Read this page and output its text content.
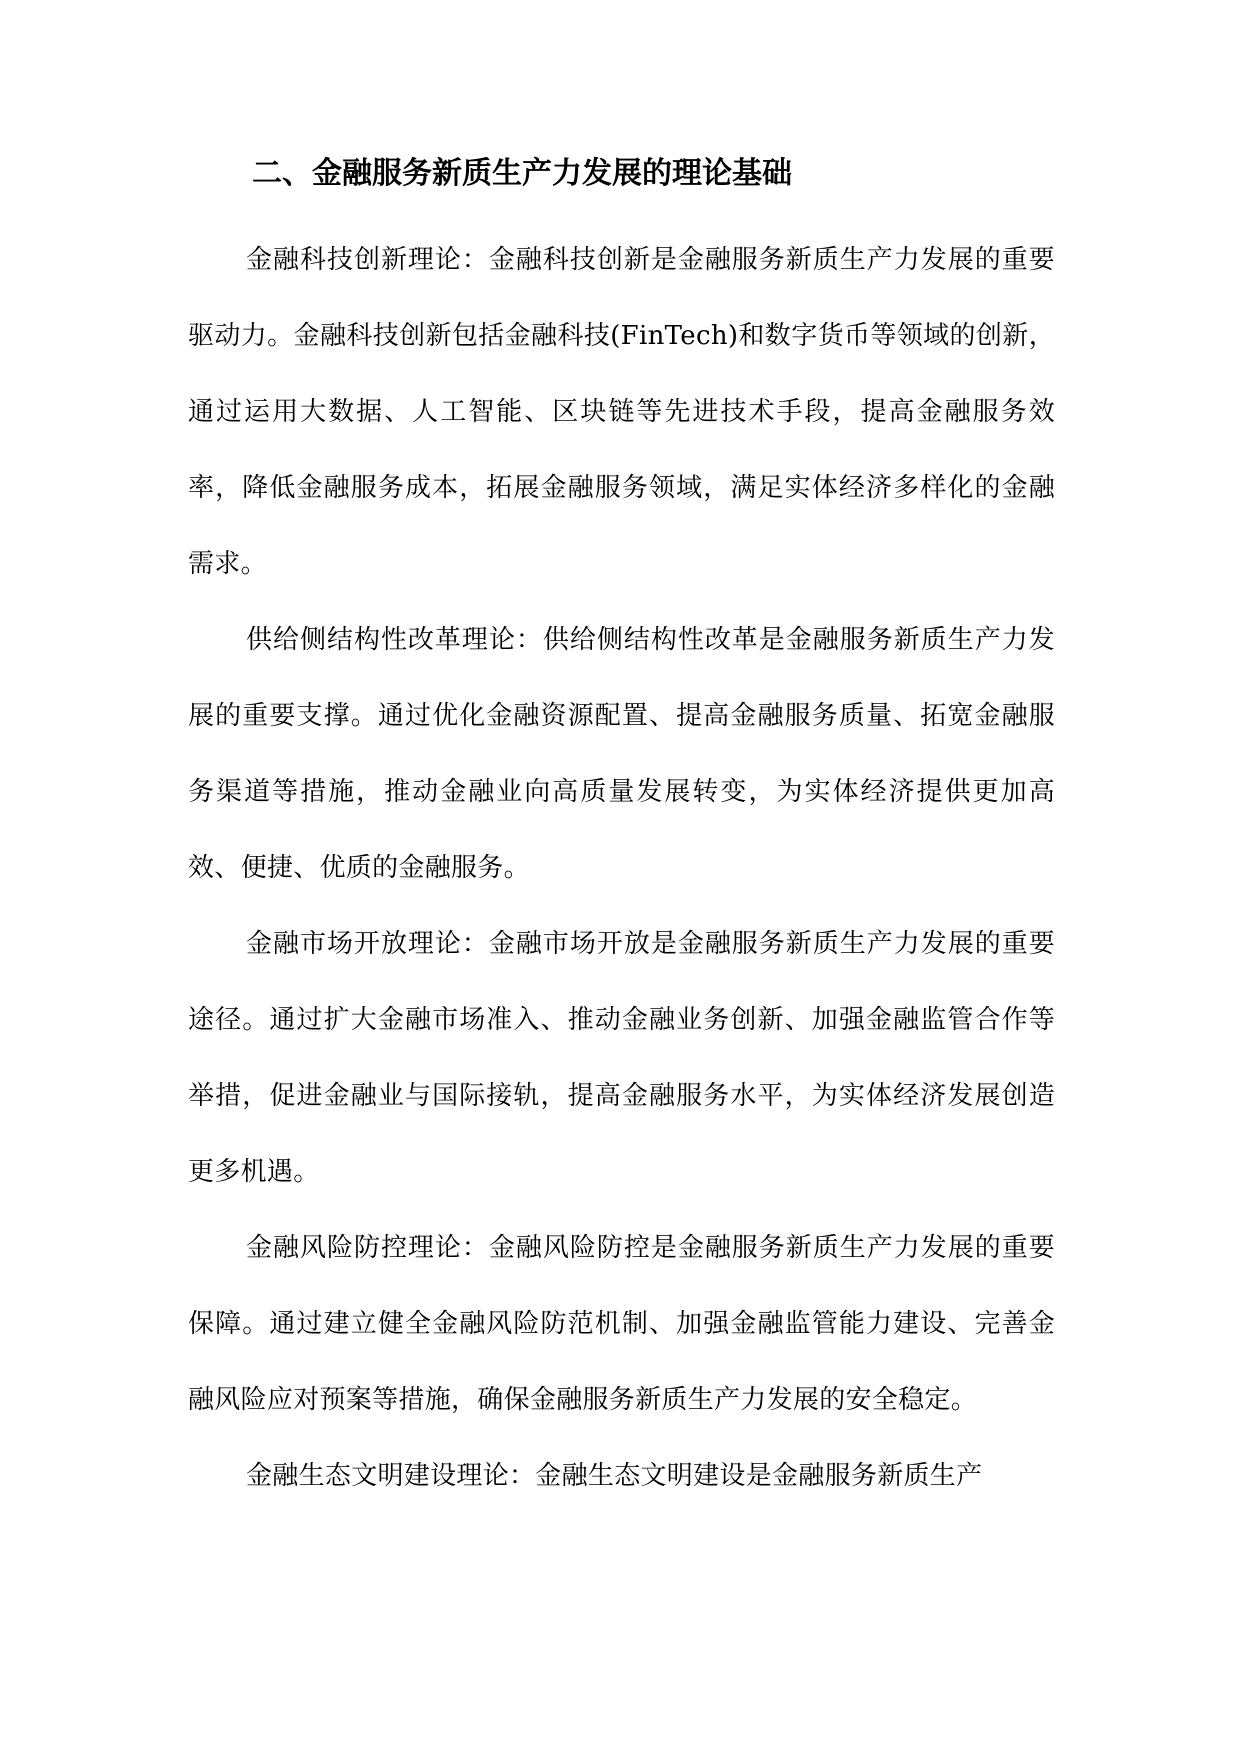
二、金融服务新质生产力发展的理论基础

金融科技创新理论：金融科技创新是金融服务新质生产力发展的重要驱动力。金融科技创新包括金融科技(FinTech)和数字货币等领域的创新，通过运用大数据、人工智能、区块链等先进技术手段，提高金融服务效率，降低金融服务成本，拓展金融服务领域，满足实体经济多样化的金融需求。

供给侧结构性改革理论：供给侧结构性改革是金融服务新质生产力发展的重要支撑。通过优化金融资源配置、提高金融服务质量、拓宽金融服务渠道等措施，推动金融业向高质量发展转变，为实体经济提供更加高效、便捷、优质的金融服务。

金融市场开放理论：金融市场开放是金融服务新质生产力发展的重要途径。通过扩大金融市场准入、推动金融业务创新、加强金融监管合作等举措，促进金融业与国际接轨，提高金融服务水平，为实体经济发展创造更多机遇。

金融风险防控理论：金融风险防控是金融服务新质生产力发展的重要保障。通过建立健全金融风险防范机制、加强金融监管能力建设、完善金融风险应对预案等措施，确保金融服务新质生产力发展的安全稳定。

金融生态文明建设理论：金融生态文明建设是金融服务新质生产
